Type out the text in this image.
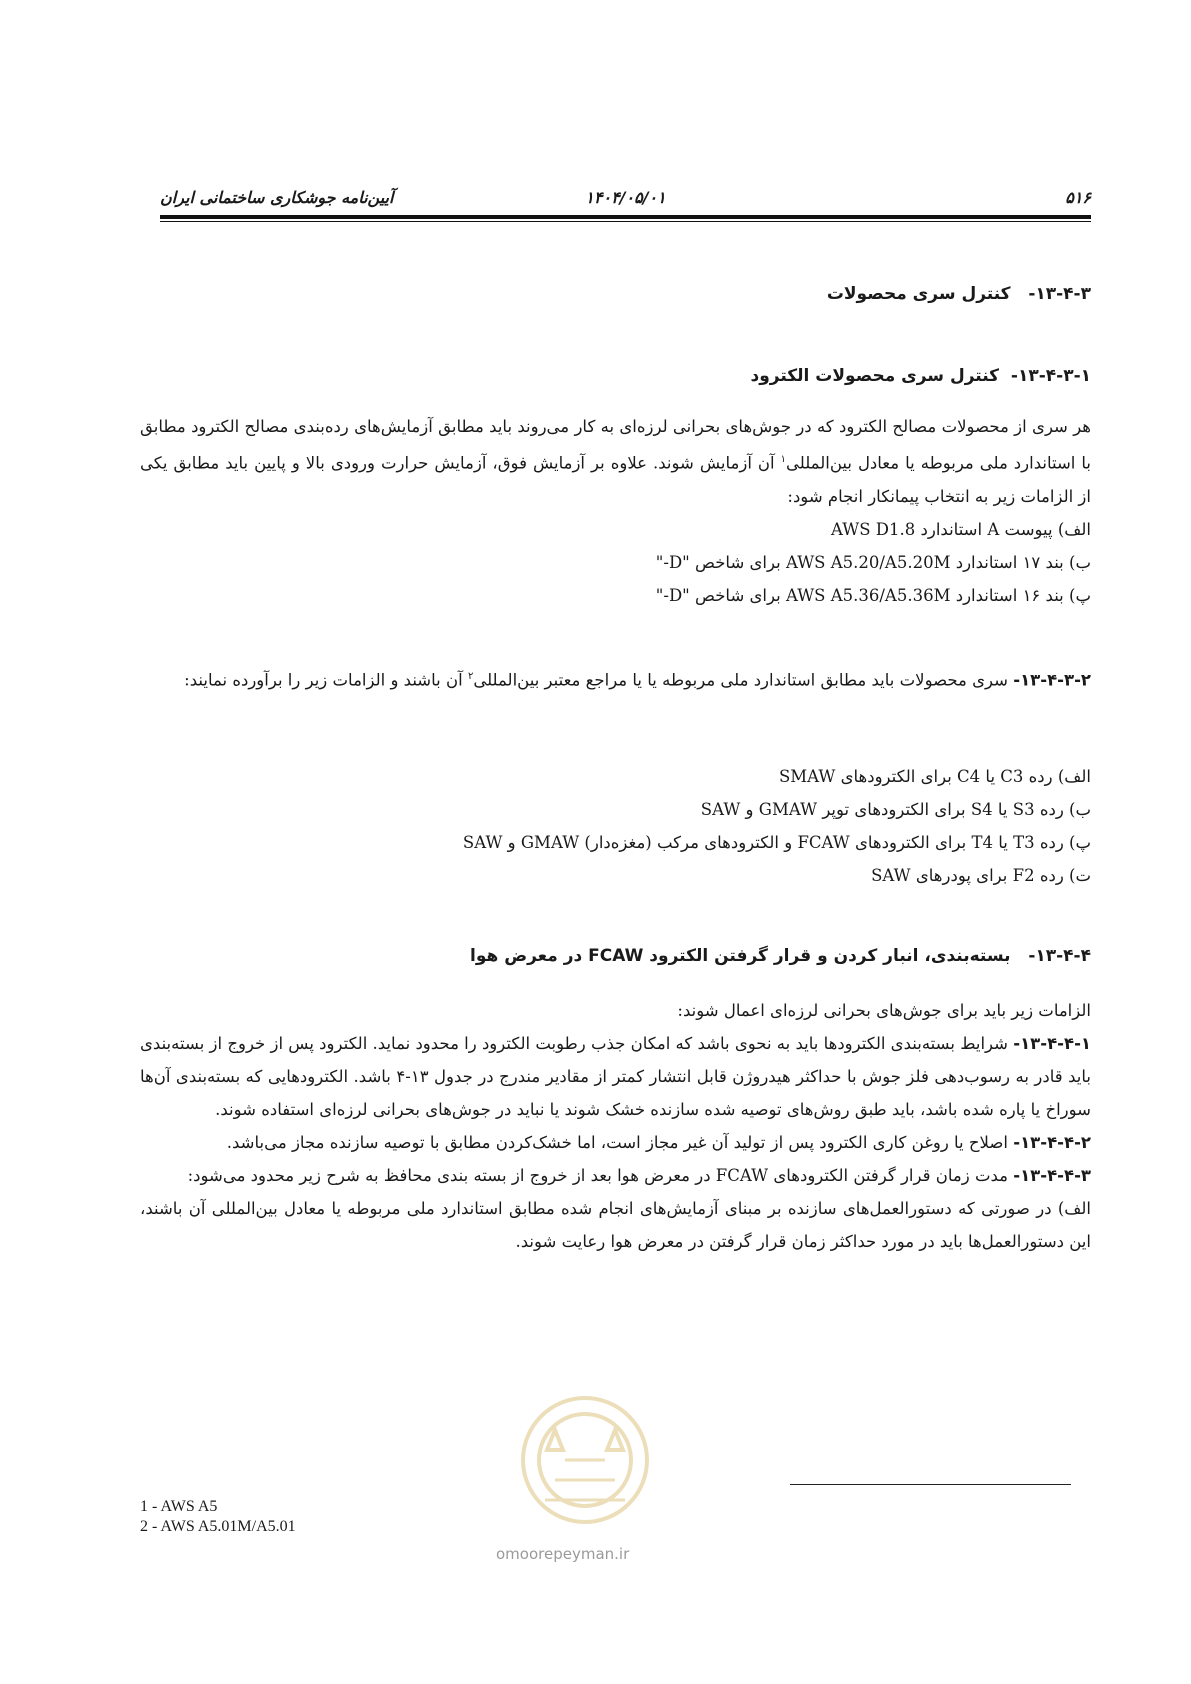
۵۱۶
۱۴۰۴/۰۵/۰۱
آیین‌نامه جوشکاری ساختمانی ایران
۱۳-۴-۳-   کنترل سری محصولات
۱۳-۴-۳-۱-  کنترل سری محصولات الکترود
هر سری از محصولات مصالح الکترود که در جوش‌های بحرانی لرزه‌ای به کار می‌روند باید مطابق آزمایش‌های رده‌بندی مصالح الکترود مطابق با استاندارد ملی مربوطه یا معادل بین‌المللی$^۱$ آن آزمایش شوند. علاوه بر آزمایش فوق، آزمایش حرارت ورودی بالا و پایین باید مطابق یکی از الزامات زیر به انتخاب پیمانکار انجام شود:
الف) پیوست A استاندارد AWS D1.8
ب) بند ۱۷ استاندارد AWS A5.20/A5.20M برای شاخص "D-"
پ) بند ۱۶ استاندارد AWS A5.36/A5.36M برای شاخص "D-"
۱۳-۴-۳-۲- سری محصولات باید مطابق استاندارد ملی مربوطه یا یا مراجع معتبر بین‌المللی$^۲$ آن باشند و الزامات زیر را برآورده نمایند:
الف) رده C3 یا C4 برای الکترودهای SMAW
ب) رده S3 یا S4 برای الکترودهای توپر GMAW و SAW
پ) رده T3 یا T4 برای الکترودهای FCAW و الکترودهای مرکب (مغزه‌دار) GMAW و SAW
ت) رده F2 برای پودرهای SAW
۱۳-۴-۴-   بسته‌بندی، انبار کردن و قرار گرفتن الکترود FCAW در معرض هوا
الزامات زیر باید برای جوش‌های بحرانی لرزه‌ای اعمال شوند:
۱۳-۴-۴-۱- شرایط بسته‌بندی الکترودها باید به نحوی باشد که امکان جذب رطوبت الکترود را محدود نماید. الکترود پس از خروج از بسته‌بندی باید قادر به رسوب‌دهی فلز جوش با حداکثر هیدروژن قابل انتشار کمتر از مقادیر مندرج در جدول ۱۳-۴ باشد. الکترودهایی که بسته‌بندی آن‌ها سوراخ یا پاره شده باشد، باید طبق روش‌های توصیه شده سازنده خشک شوند یا نباید در جوش‌های بحرانی لرزه‌ای استفاده شوند.
۱۳-۴-۴-۲- اصلاح یا روغن کاری الکترود پس از تولید آن غیر مجاز است، اما خشک‌کردن مطابق با توصیه سازنده مجاز می‌باشد.
۱۳-۴-۴-۳- مدت زمان قرار گرفتن الکترودهای FCAW در معرض هوا بعد از خروج از بسته بندی محافظ به شرح زیر محدود می‌شود:
الف) در صورتی که دستورالعمل‌های سازنده بر مبنای آزمایش‌های انجام شده مطابق استاندارد ملی مربوطه یا معادل بین‌المللی آن باشند، این دستورالعمل‌ها باید در مورد حداکثر زمان قرار گرفتن در معرض هوا رعایت شوند.
omoorepeyman.ir
1 - AWS A5
2 - AWS A5.01M/A5.01
